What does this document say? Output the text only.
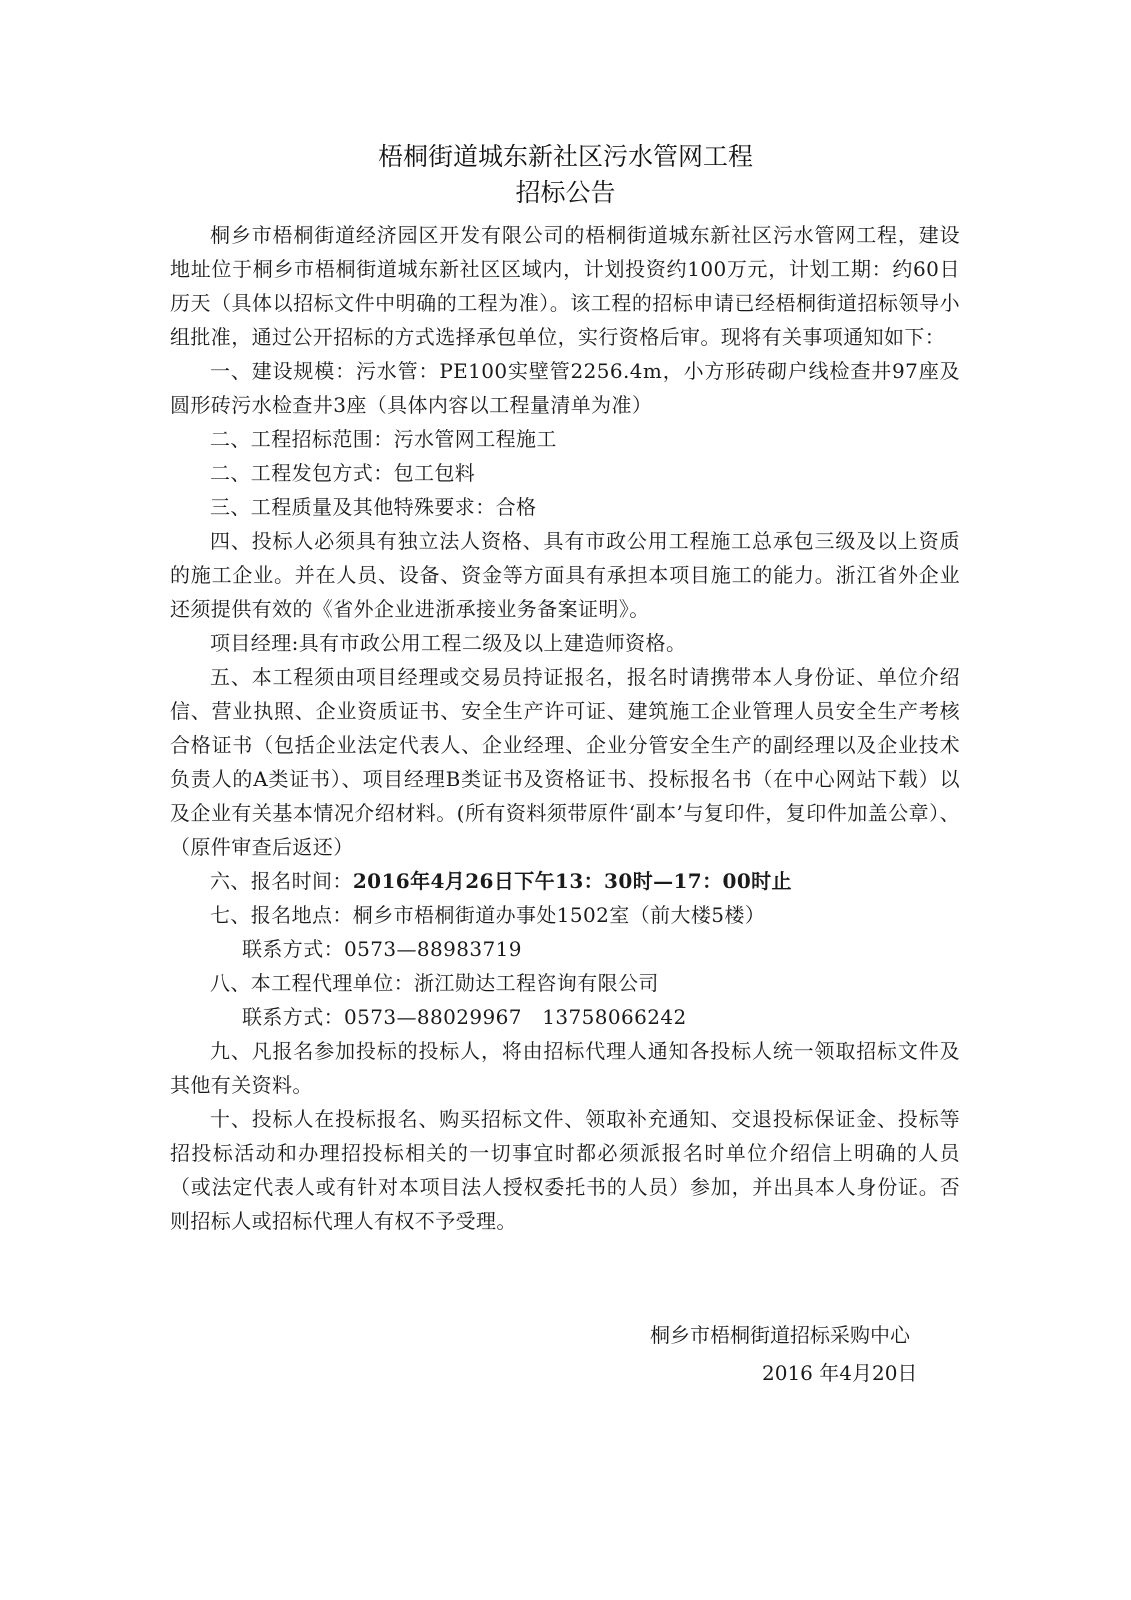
梧桐街道城东新社区污水管网工程
招标公告

桐乡市梧桐街道经济园区开发有限公司的梧桐街道城东新社区污水管网工程，建设地址位于桐乡市梧桐街道城东新社区区域内，计划投资约100万元，计划工期：约60日历天（具体以招标文件中明确的工程为准）。该工程的招标申请已经梧桐街道招标领导小组批准，通过公开招标的方式选择承包单位，实行资格后审。现将有关事项通知如下：

一、建设规模：污水管：PE100实壁管2256.4m，小方形砖砌户线检查井97座及圆形砖污水检查井3座（具体内容以工程量清单为准）

二、工程招标范围：污水管网工程施工

二、工程发包方式：包工包料

三、工程质量及其他特殊要求：合格

四、投标人必须具有独立法人资格、具有市政公用工程施工总承包三级及以上资质的施工企业。并在人员、设备、资金等方面具有承担本项目施工的能力。浙江省外企业还须提供有效的《省外企业进浙承接业务备案证明》。

项目经理:具有市政公用工程二级及以上建造师资格。

五、本工程须由项目经理或交易员持证报名，报名时请携带本人身份证、单位介绍信、营业执照、企业资质证书、安全生产许可证、建筑施工企业管理人员安全生产考核合格证书（包括企业法定代表人、企业经理、企业分管安全生产的副经理以及企业技术负责人的A类证书）、项目经理B类证书及资格证书、投标报名书（在中心网站下载）以及企业有关基本情况介绍材料。(所有资料须带原件‘副本’与复印件，复印件加盖公章）、（原件审查后返还）

六、报名时间：2016年4月26日下午13：30时—17：00时止

七、报名地点：桐乡市梧桐街道办事处1502室（前大楼5楼）

联系方式：0573—88983719

八、本工程代理单位：浙江勋达工程咨询有限公司

联系方式：0573—88029967　13758066242

九、凡报名参加投标的投标人，将由招标代理人通知各投标人统一领取招标文件及其他有关资料。

十、投标人在投标报名、购买招标文件、领取补充通知、交退投标保证金、投标等招投标活动和办理招投标相关的一切事宜时都必须派报名时单位介绍信上明确的人员（或法定代表人或有针对本项目法人授权委托书的人员）参加，并出具本人身份证。否则招标人或招标代理人有权不予受理。

桐乡市梧桐街道招标采购中心
2016 年4月20日
